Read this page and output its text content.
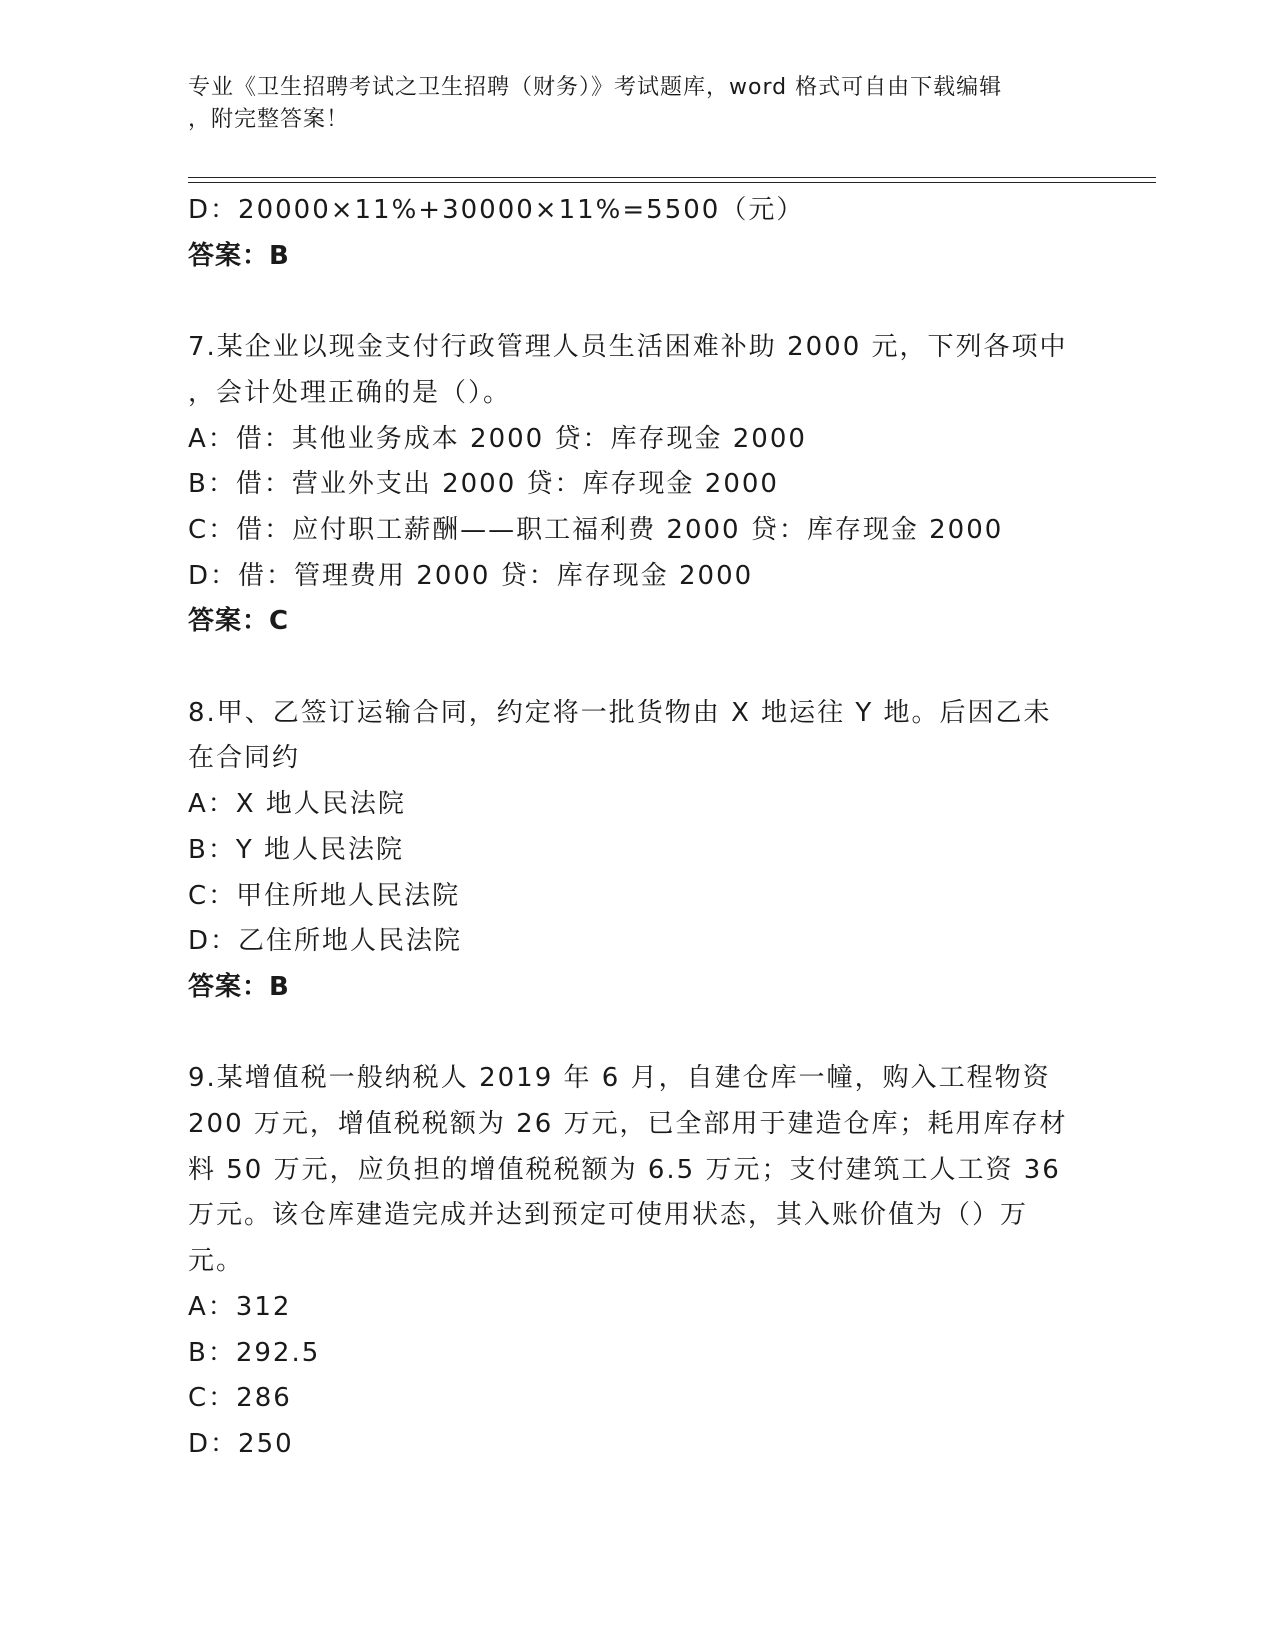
专业《卫生招聘考试之卫生招聘（财务）》考试题库，word 格式可自由下载编辑
，附完整答案！
D：20000×11%+30000×11%=5500（元）
答案：B
7.某企业以现金支付行政管理人员生活困难补助 2000 元，下列各项中
，会计处理正确的是（）。
A：借：其他业务成本 2000 贷：库存现金 2000
B：借：营业外支出 2000 贷：库存现金 2000
C：借：应付职工薪酬——职工福利费 2000 贷：库存现金 2000
D：借：管理费用 2000 贷：库存现金 2000
答案：C
8.甲、乙签订运输合同，约定将一批货物由 X 地运往 Y 地。后因乙未
在合同约
A：X 地人民法院
B：Y 地人民法院
C：甲住所地人民法院
D：乙住所地人民法院
答案：B
9.某增值税一般纳税人 2019 年 6 月，自建仓库一幢，购入工程物资
200 万元，增值税税额为 26 万元，已全部用于建造仓库；耗用库存材
料 50 万元，应负担的增值税税额为 6.5 万元；支付建筑工人工资 36
万元。该仓库建造完成并达到预定可使用状态，其入账价值为（）万
元。
A：312
B：292.5
C：286
D：250
